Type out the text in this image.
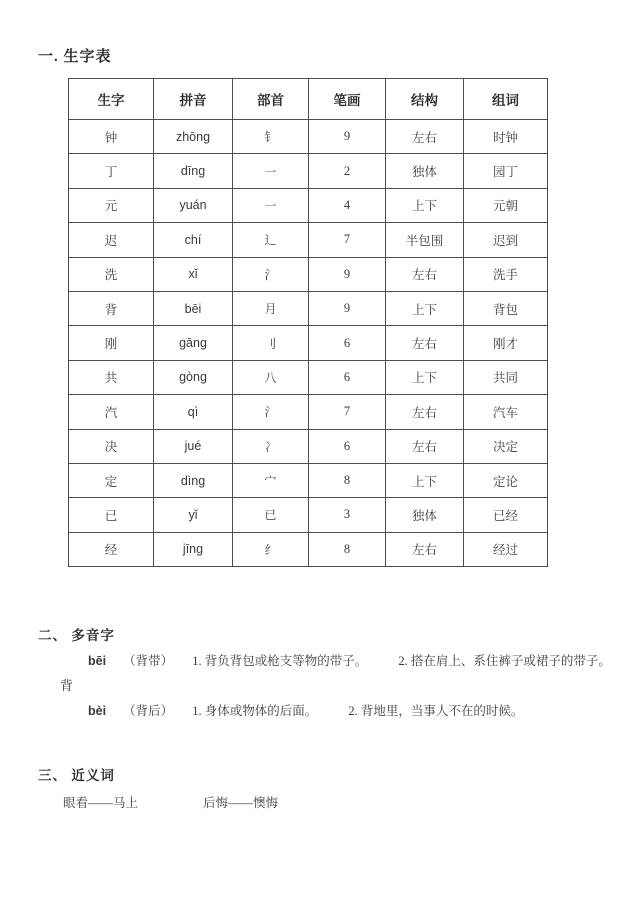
一. 生字表
生字	拼音	部首	笔画	结构	组词
钟	zhōng	钅	9	左右	时钟
丁	dīng	一	2	独体	园丁
元	yuán	一	4	上下	元朝
迟	chí	辶	7	半包围	迟到
洗	xǐ	氵	9	左右	洗手
背	bēi	月	9	上下	背包
刚	gāng	刂	6	左右	刚才
共	gòng	八	6	上下	共同
汽	qì	氵	7	左右	汽车
决	jué	冫	6	左右	决定
定	dìng	宀	8	上下	定论
已	yǐ	已	3	独体	已经
经	jīng	纟	8	左右	经过
二、 多音字
bēi （背带） 1. 背负背包或枪支等物的带子。 2. 搭在肩上、系住裤子或裙子的带子。
背
bèi （背后） 1. 身体或物体的后面。 2. 背地里，当事人不在的时候。
三、 近义词
眼看——马上	后悔——懊悔
